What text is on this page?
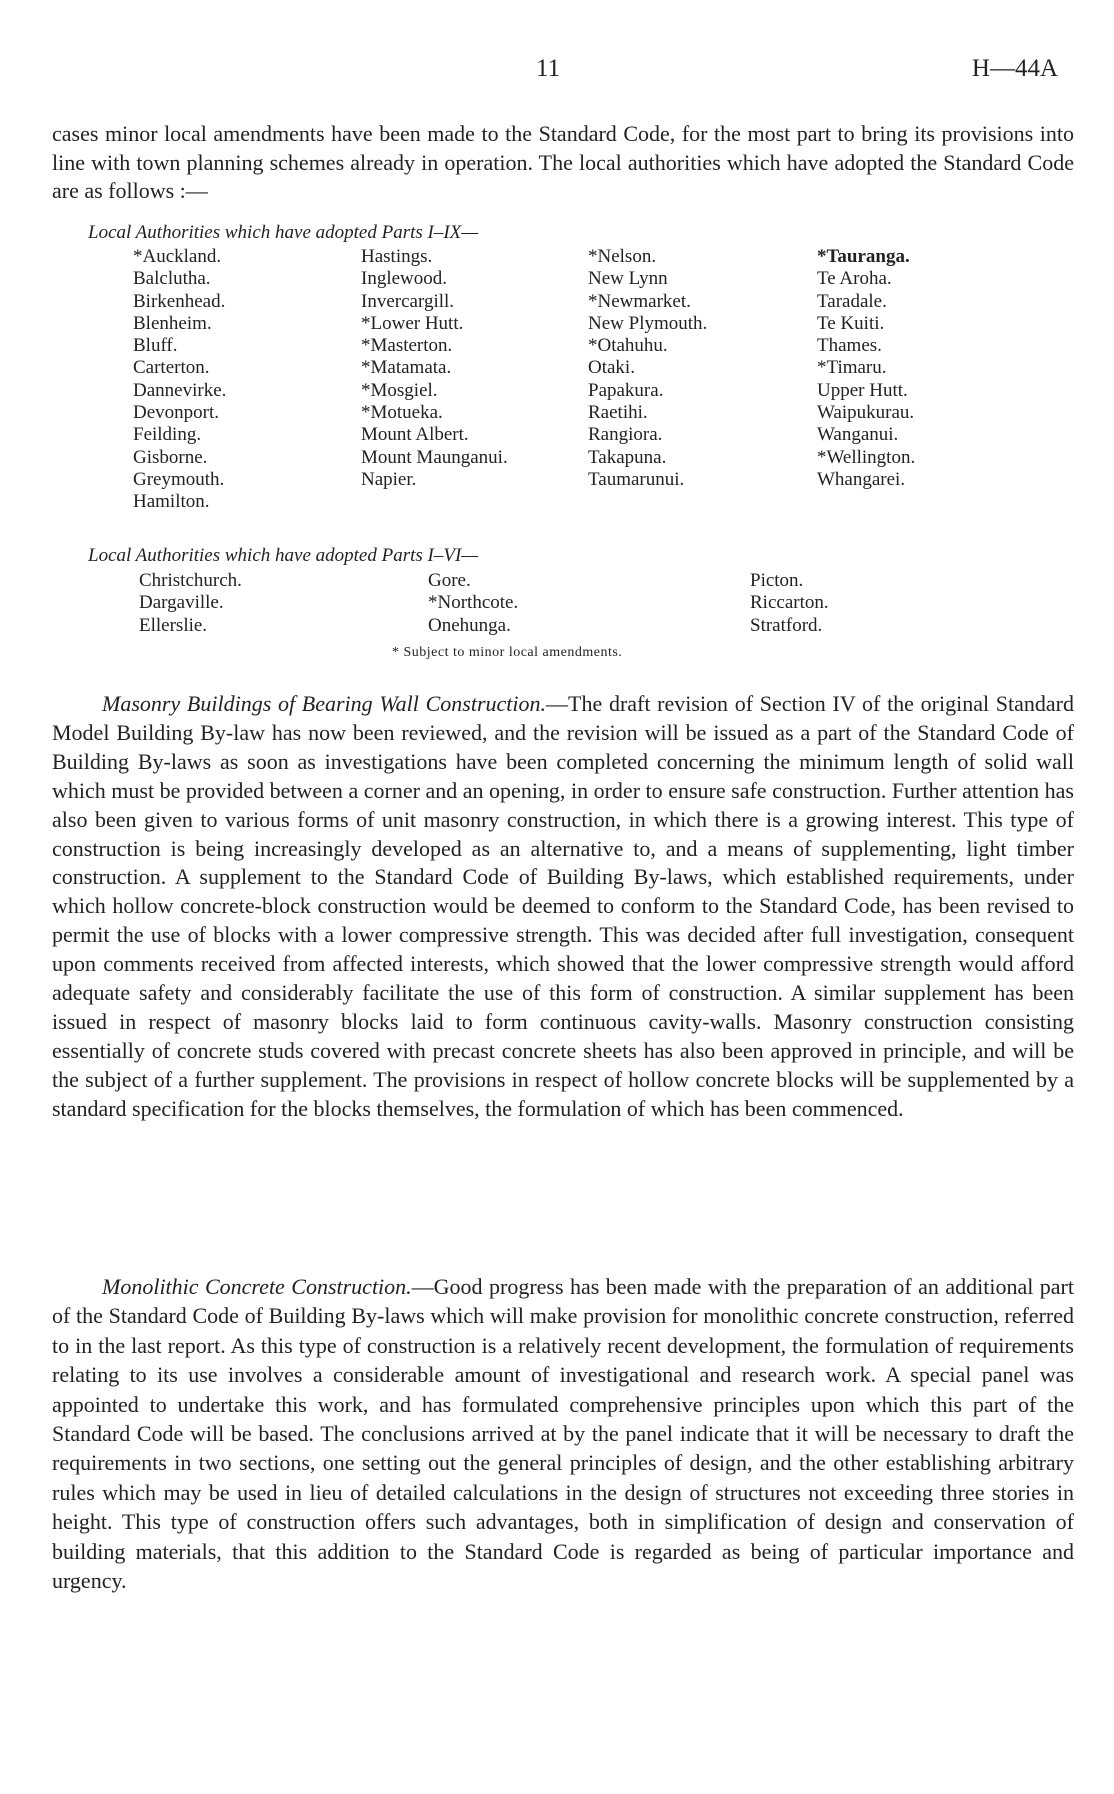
11	H—44A

cases minor local amendments have been made to the Standard Code, for the most part to bring its provisions into line with town planning schemes already in operation. The local authorities which have adopted the Standard Code are as follows :—

Local Authorities which have adopted Parts I–IX—
*Auckland.
Balclutha.
Birkenhead.
Blenheim.
Bluff.
Carterton.
Dannevirke.
Devonport.
Feilding.
Gisborne.
Greymouth.
Hamilton.
Hastings.
Inglewood.
Invercargill.
*Lower Hutt.
*Masterton.
*Matamata.
*Mosgiel.
*Motueka.
Mount Albert.
Mount Maunganui.
Napier.
*Nelson.
New Lynn
*Newmarket.
New Plymouth.
*Otahuhu.
Otaki.
Papakura.
Raetihi.
Rangiora.
Takapuna.
Taumarunui.
*Tauranga.
Te Aroha.
Taradale.
Te Kuiti.
Thames.
*Timaru.
Upper Hutt.
Waipukurau.
Wanganui.
*Wellington.
Whangarei.
Local Authorities which have adopted Parts I–VI—
Christchurch.
Dargaville.
Ellerslie.
Gore.
*Northcote.
Onehunga.
Picton.
Riccarton.
Stratford.
* Subject to minor local amendments.

Masonry Buildings of Bearing Wall Construction.—The draft revision of Section IV of the original Standard Model Building By-law has now been reviewed, and the revision will be issued as a part of the Standard Code of Building By-laws as soon as investigations have been completed concerning the minimum length of solid wall which must be provided between a corner and an opening, in order to ensure safe construction. Further attention has also been given to various forms of unit masonry construction, in which there is a growing interest. This type of construction is being increasingly developed as an alternative to, and a means of supplementing, light timber construction. A supplement to the Standard Code of Building By-laws, which established requirements, under which hollow concrete-block construction would be deemed to conform to the Standard Code, has been revised to permit the use of blocks with a lower compressive strength. This was decided after full investigation, consequent upon comments received from affected interests, which showed that the lower compressive strength would afford adequate safety and considerably facilitate the use of this form of construction. A similar supplement has been issued in respect of masonry blocks laid to form continuous cavity-walls. Masonry construction consisting essentially of concrete studs covered with precast concrete sheets has also been approved in principle, and will be the subject of a further supplement. The provisions in respect of hollow concrete blocks will be supplemented by a standard specification for the blocks themselves, the formulation of which has been commenced.

Monolithic Concrete Construction.—Good progress has been made with the preparation of an additional part of the Standard Code of Building By-laws which will make provision for monolithic concrete construction, referred to in the last report. As this type of construction is a relatively recent development, the formulation of requirements relating to its use involves a considerable amount of investigational and research work. A special panel was appointed to undertake this work, and has formulated comprehensive principles upon which this part of the Standard Code will be based. The conclusions arrived at by the panel indicate that it will be necessary to draft the requirements in two sections, one setting out the general principles of design, and the other establishing arbitrary rules which may be used in lieu of detailed calculations in the design of structures not exceeding three stories in height. This type of construction offers such advantages, both in simplification of design and conservation of building materials, that this addition to the Standard Code is regarded as being of particular importance and urgency.
